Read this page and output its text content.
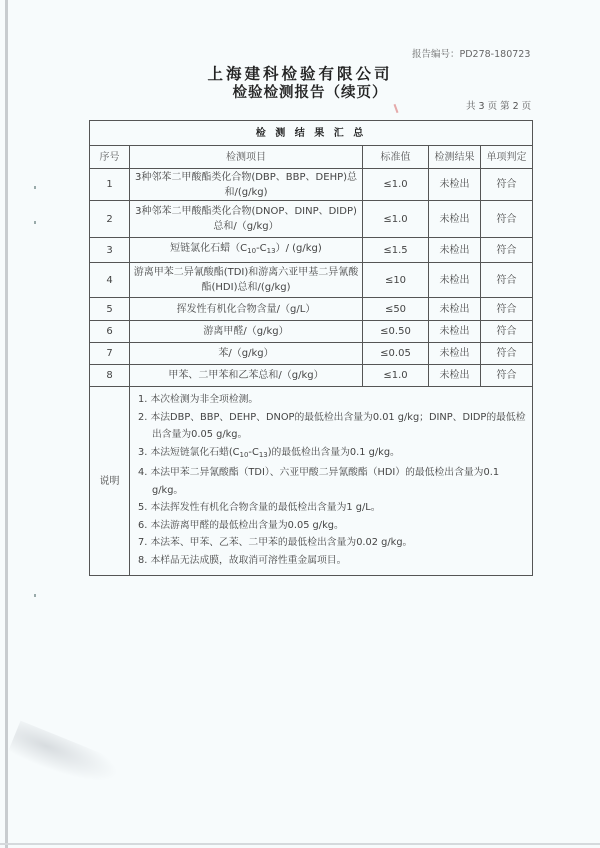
报告编号：PD278-180723
上海建科检验有限公司
检验检测报告（续页）
共 3 页 第 2 页
检 测 结 果 汇 总				
序号	检测项目	标准值	检测结果	单项判定
1	3种邻苯二甲酸酯类化合物(DBP、BBP、DEHP)总和/(g/kg)	≤1.0	未检出	符合
2	3种邻苯二甲酸酯类化合物(DNOP、DINP、DIDP)总和/（g/kg）	≤1.0	未检出	符合
3	短链氯化石蜡$(C_{10}-C_{13})/$ (g/kg)	≤1.5	未检出	符合
4	游离甲苯二异氰酸酯(TDI)和游离六亚甲基二异氰酸酯(HDI)总和/(g/kg)	≤10	未检出	符合
5	挥发性有机化合物含量/（g/L）	≤50	未检出	符合
6	游离甲醛/（g/kg）	≤0.50	未检出	符合
7	苯/（g/kg）	≤0.05	未检出	符合
8	甲苯、二甲苯和乙苯总和/（g/kg）	≤1.0	未检出	符合
说明	
1. 本次检测为非全项检测。
2. 本法DBP、BBP、DEHP、DNOP的最低检出含量为0.01 g/kg；DINP、DIDP的最低检出含量为0.05 g/kg。
3. 本法短链氯化石蜡$(C_{10}-C_{13})$的最低检出含量为0.1 g/kg。
4. 本法甲苯二异氰酸酯（TDI）、六亚甲酸二异氰酸酯（HDI）的最低检出含量为0.1 g/kg。
5. 本法挥发性有机化合物含量的最低检出含量为1 g/L。
6. 本法游离甲醛的最低检出含量为0.05 g/kg。
7. 本法苯、甲苯、乙苯、二甲苯的最低检出含量为0.02 g/kg。
8. 本样品无法成膜，故取消可溶性重金属项目。
